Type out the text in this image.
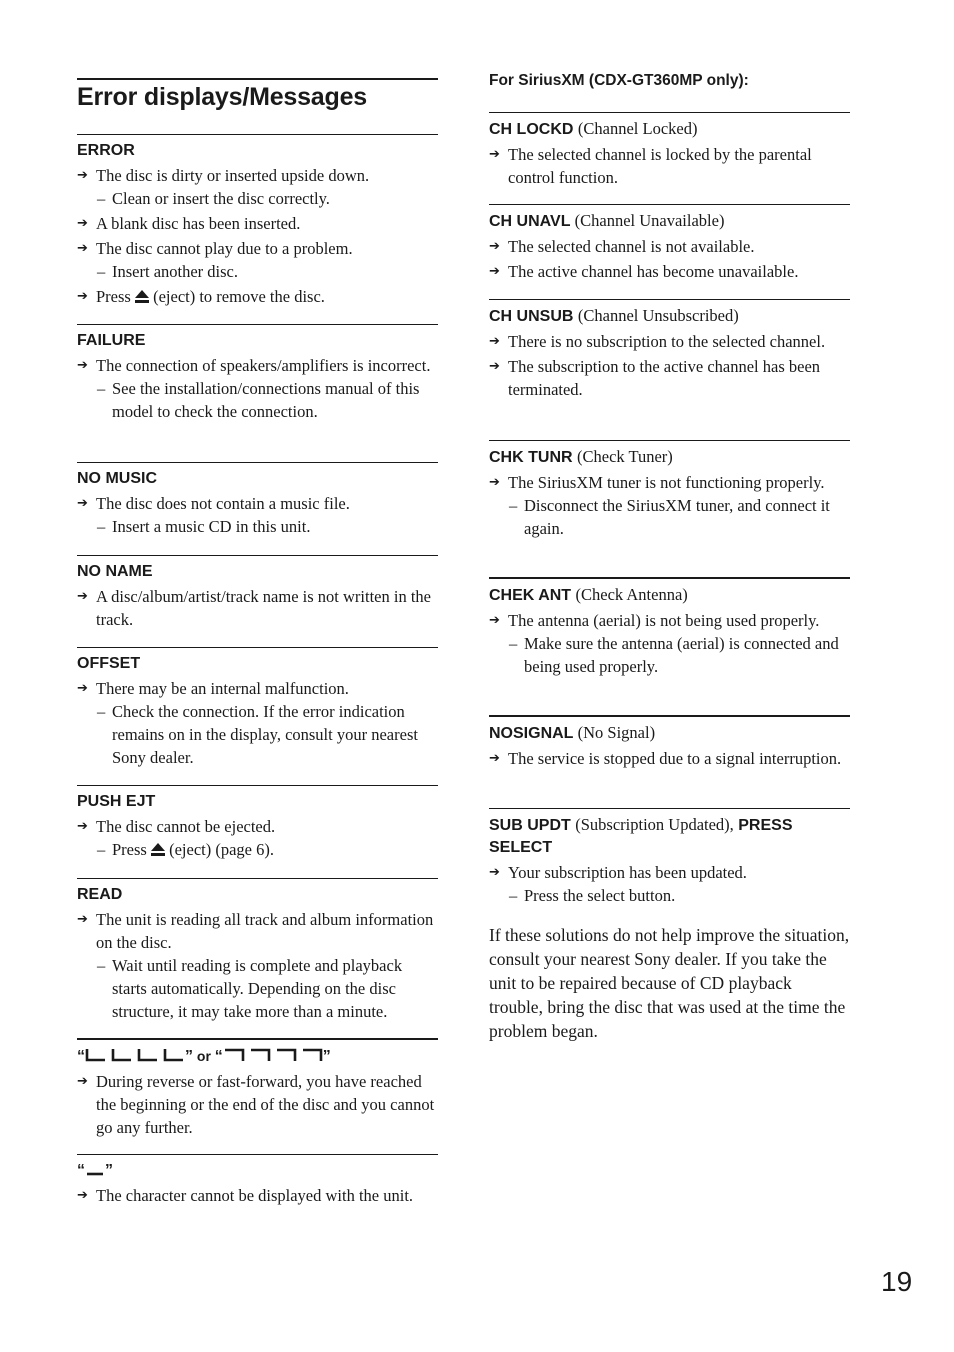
Error displays/Messages
ERROR
➔ The disc is dirty or inserted upside down.
– Clean or insert the disc correctly.
➔ A blank disc has been inserted.
➔ The disc cannot play due to a problem.
– Insert another disc.
➔ Press (eject) to remove the disc.
FAILURE
➔ The connection of speakers/amplifiers is incorrect.
– See the installation/connections manual of this model to check the connection.
NO MUSIC
➔ The disc does not contain a music file.
– Insert a music CD in this unit.
NO NAME
➔ A disc/album/artist/track name is not written in the track.
OFFSET
➔ There may be an internal malfunction.
– Check the connection. If the error indication remains on in the display, consult your nearest Sony dealer.
PUSH EJT
➔ The disc cannot be ejected.
– Press (eject) (page 6).
READ
➔ The unit is reading all track and album information on the disc.
– Wait until reading is complete and playback starts automatically. Depending on the disc structure, it may take more than a minute.
“	” or “	”
➔ During reverse or fast-forward, you have reached the beginning or the end of the disc and you cannot go any further.
“ ”
➔ The character cannot be displayed with the unit.
For SiriusXM (CDX-GT360MP only):
CH LOCKD (Channel Locked)
➔ The selected channel is locked by the parental control function.
CH UNAVL (Channel Unavailable)
➔ The selected channel is not available.
➔ The active channel has become unavailable.
CH UNSUB (Channel Unsubscribed)
➔ There is no subscription to the selected channel.
➔ The subscription to the active channel has been terminated.
CHK TUNR (Check Tuner)
➔ The SiriusXM tuner is not functioning properly.
– Disconnect the SiriusXM tuner, and connect it again.
CHEK ANT (Check Antenna)
➔ The antenna (aerial) is not being used properly.
– Make sure the antenna (aerial) is connected and being used properly.
NOSIGNAL (No Signal)
➔ The service is stopped due to a signal interruption.
SUB UPDT (Subscription Updated), PRESS SELECT
➔ Your subscription has been updated.
– Press the select button.

If these solutions do not help improve the situation, consult your nearest Sony dealer. If you take the unit to be repaired because of CD playback trouble, bring the disc that was used at the time the problem began.

19
